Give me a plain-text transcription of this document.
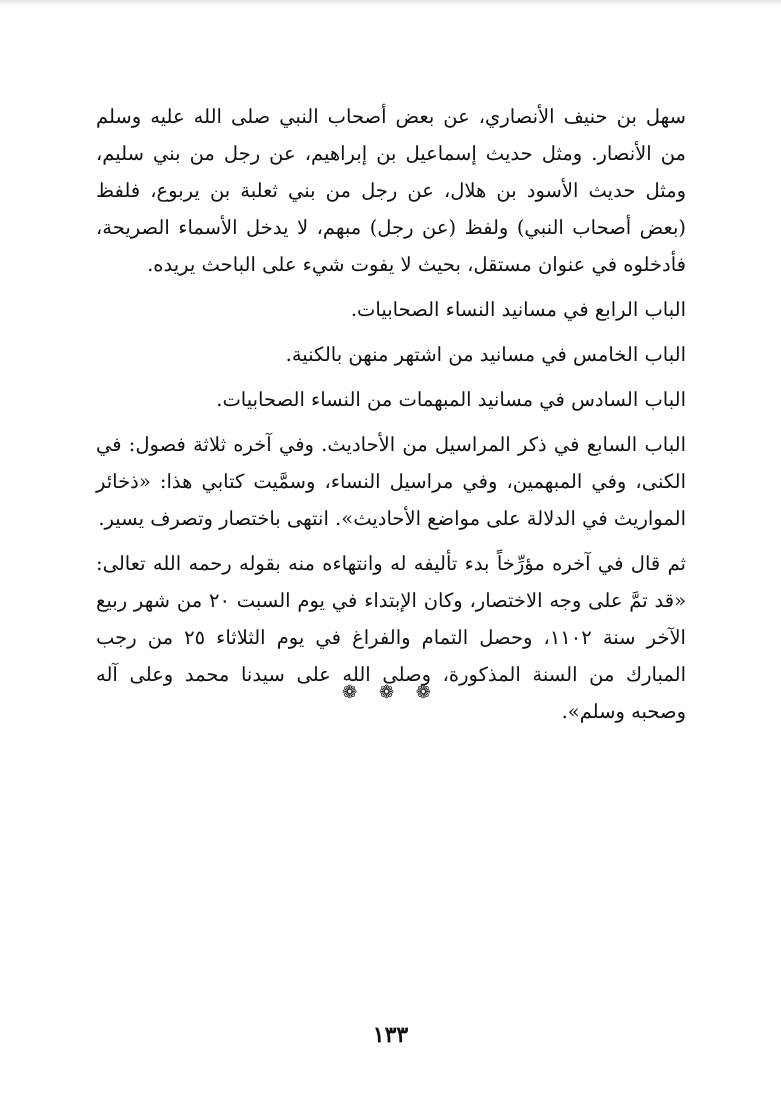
سهل بن حنيف الأنصاري، عن بعض أصحاب النبي صلى الله عليه وسلم من الأنصار. ومثل حديث إسماعيل بن إبراهيم، عن رجل من بني سليم، ومثل حديث الأسود بن هلال، عن رجل من بني ثعلبة بن يربوع، فلفظ (بعض أصحاب النبي) ولفظ (عن رجل) مبهم، لا يدخل الأسماء الصريحة، فأدخلوه في عنوان مستقل، بحيث لا يفوت شيء على الباحث يريده.

الباب الرابع في مسانيد النساء الصحابيات.

الباب الخامس في مسانيد من اشتهر منهن بالكنية.

الباب السادس في مسانيد المبهمات من النساء الصحابيات.

الباب السابع في ذكر المراسيل من الأحاديث. وفي آخره ثلاثة فصول: في الكنى، وفي المبهمين، وفي مراسيل النساء، وسمَّيت كتابي هذا: «ذخائر المواريث في الدلالة على مواضع الأحاديث». انتهى باختصار وتصرف يسير.

ثم قال في آخره مؤرِّخاً بدء تأليفه له وانتهاءه منه بقوله رحمه الله تعالى: «قد تمَّ على وجه الاختصار، وكان الإبتداء في يوم السبت ٢٠ من شهر ربيع الآخر سنة ١١٠٢، وحصل التمام والفراغ في يوم الثلاثاء ٢٥ من رجب المبارك من السنة المذكورة، وصلى الله على سيدنا محمد وعلى آله وصحبه وسلم».

❁ ❁ ❁
١٣٣
